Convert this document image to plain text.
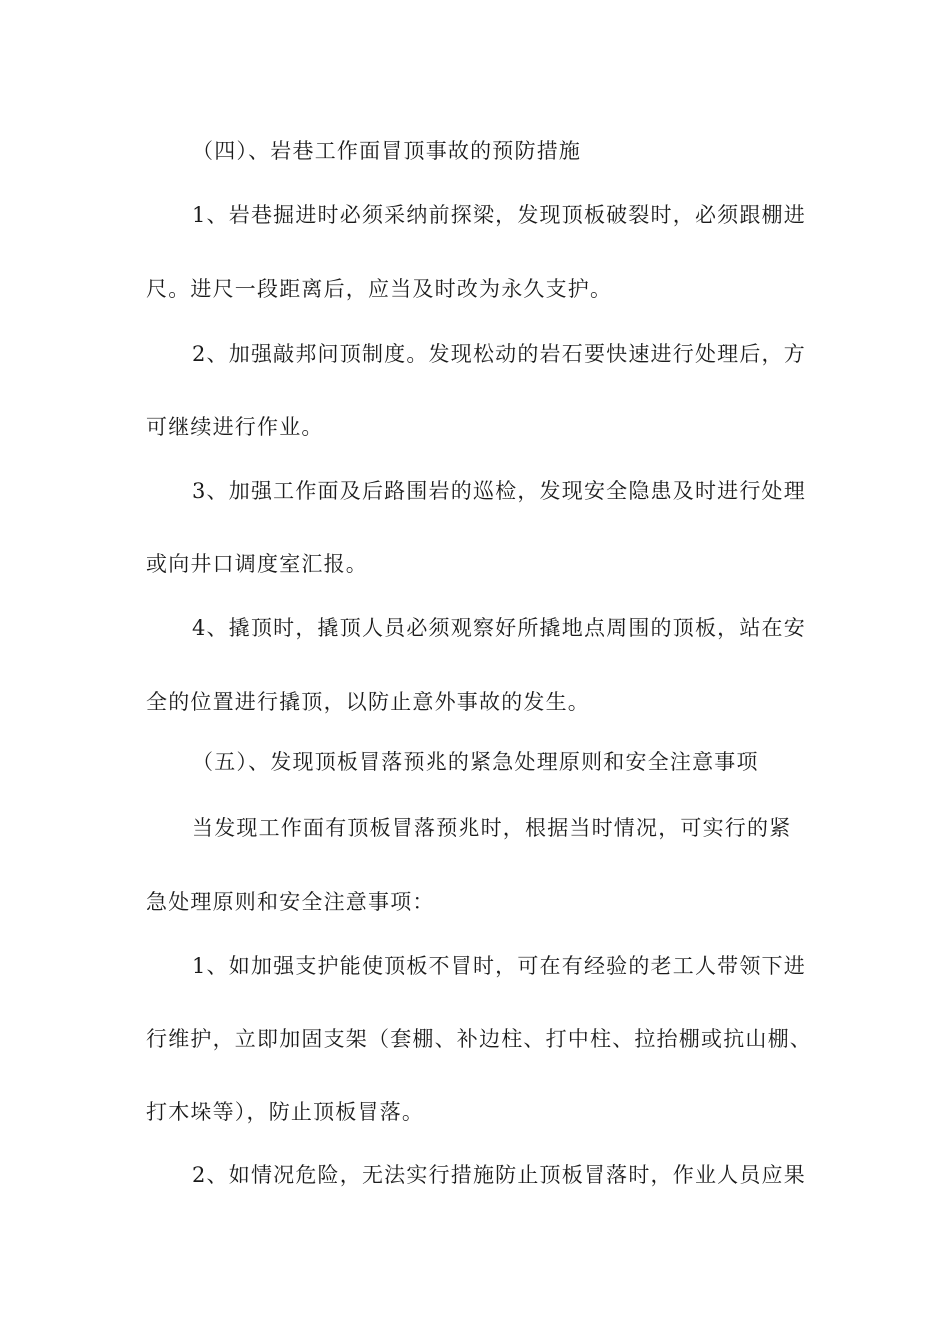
（四）、岩巷工作面冒顶事故的预防措施
1、岩巷掘进时必须采纳前探梁，发现顶板破裂时，必须跟棚进
尺。进尺一段距离后，应当及时改为永久支护。
2、加强敲邦问顶制度。发现松动的岩石要快速进行处理后，方
可继续进行作业。
3、加强工作面及后路围岩的巡检，发现安全隐患及时进行处理
或向井口调度室汇报。
4、撬顶时，撬顶人员必须观察好所撬地点周围的顶板，站在安
全的位置进行撬顶，以防止意外事故的发生。
（五）、发现顶板冒落预兆的紧急处理原则和安全注意事项
当发现工作面有顶板冒落预兆时，根据当时情况，可实行的紧
急处理原则和安全注意事项：
1、如加强支护能使顶板不冒时，可在有经验的老工人带领下进
行维护，立即加固支架（套棚、补边柱、打中柱、拉抬棚或抗山棚、
打木垛等），防止顶板冒落。
2、如情况危险，无法实行措施防止顶板冒落时，作业人员应果
